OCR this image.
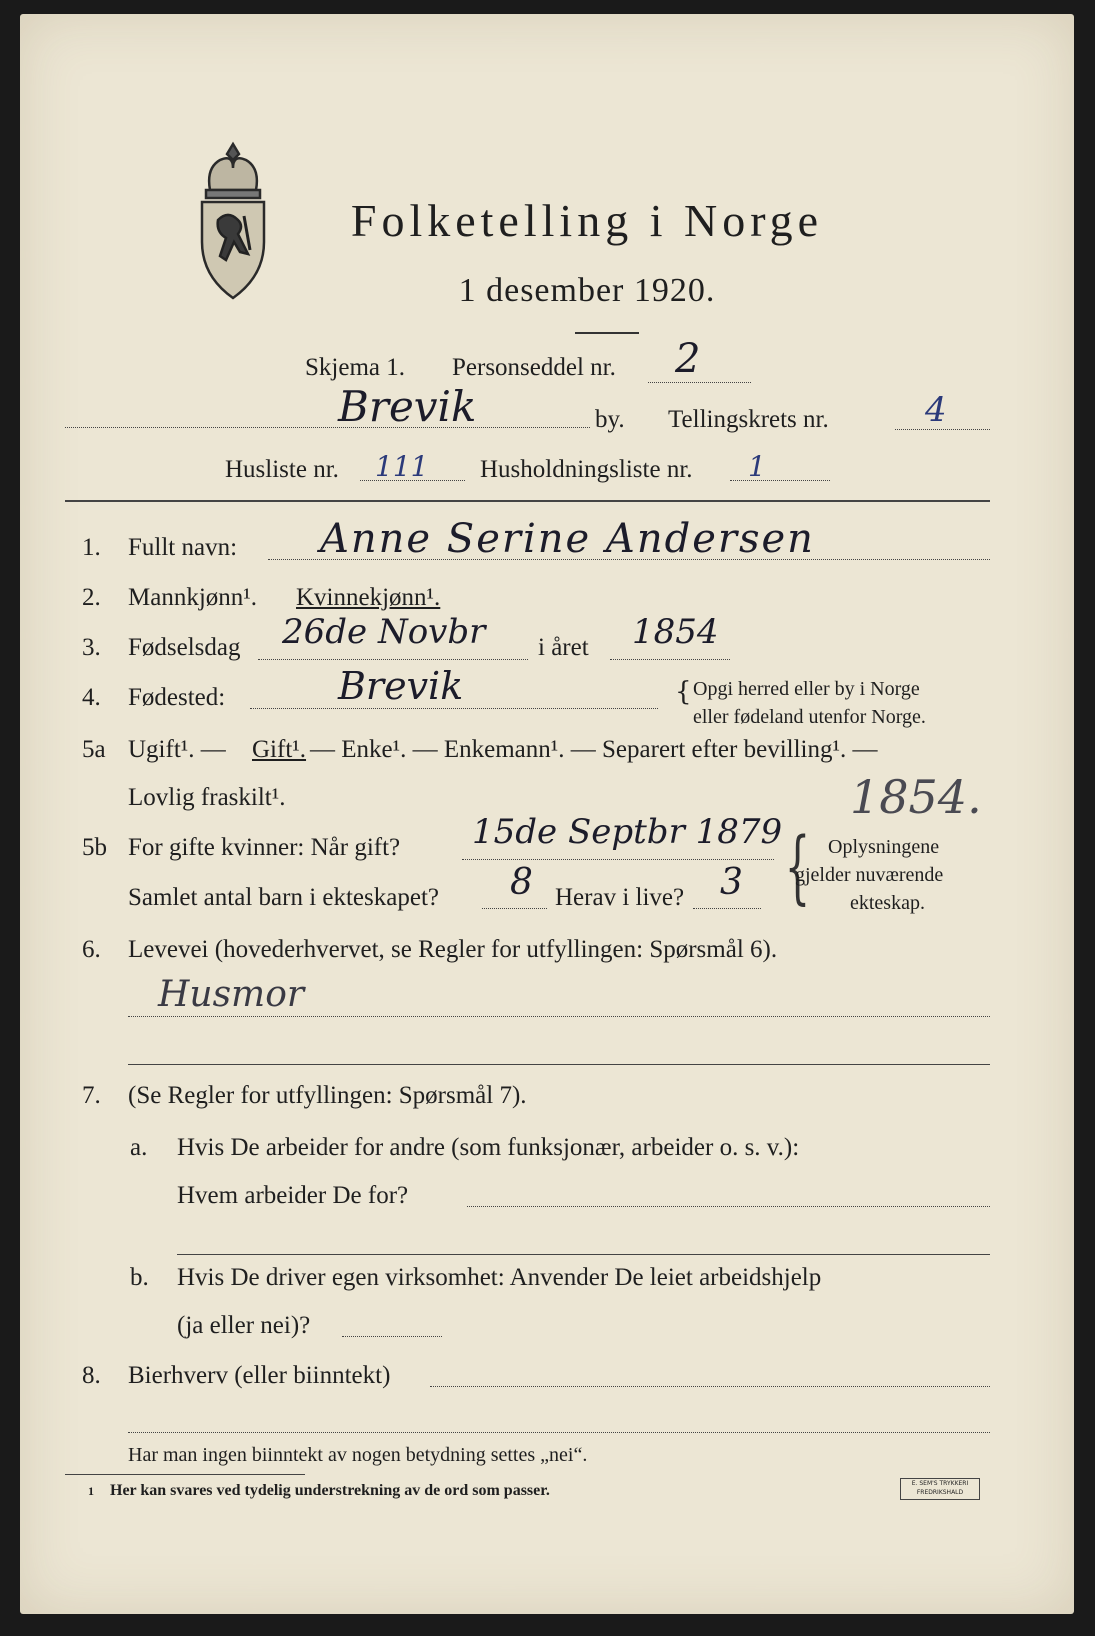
Folketelling i Norge
1 desember 1920.
Skjema 1. Personseddel nr. 2
Brevik	by. Tellingskrets nr.	4
Husliste nr. 111 Husholdningsliste nr. 1
1. Fullt navn: Anne Serine Andersen
2. Mannkjønn¹. Kvinnekjønn¹.
3. Fødselsdag 26de Novbr i året 1854
4. Fødested:	Brevik	{ Opgi herred eller by i Norge
eller fødeland utenfor Norge.
5a Ugift¹. — Gift¹. — Enke¹. — Enkemann¹. — Separert efter bevilling¹. —
Lovlig fraskilt¹.	1854.
5b For gifte kvinner: Når gift? 15de Septbr 1879
Samlet antal barn i ekteskapet? 8 Herav i live? 3 { Oplysningene
gjelder nuværende
ekteskap.
6. Levevei (hovederhvervet, se Regler for utfyllingen: Spørsmål 6).
Husmor
7. (Se Regler for utfyllingen: Spørsmål 7).
a. Hvis De arbeider for andre (som funksjonær, arbeider o. s. v.):
Hvem arbeider De for?
b. Hvis De driver egen virksomhet: Anvender De leiet arbeidshjelp
(ja eller nei)?
8. Bierhverv (eller biinntekt)
Har man ingen biinntekt av nogen betydning settes „nei“.
1 Her kan svares ved tydelig understrekning av de ord som passer.	E. SEM'S TRYKKERI FREDRIKSHALD
